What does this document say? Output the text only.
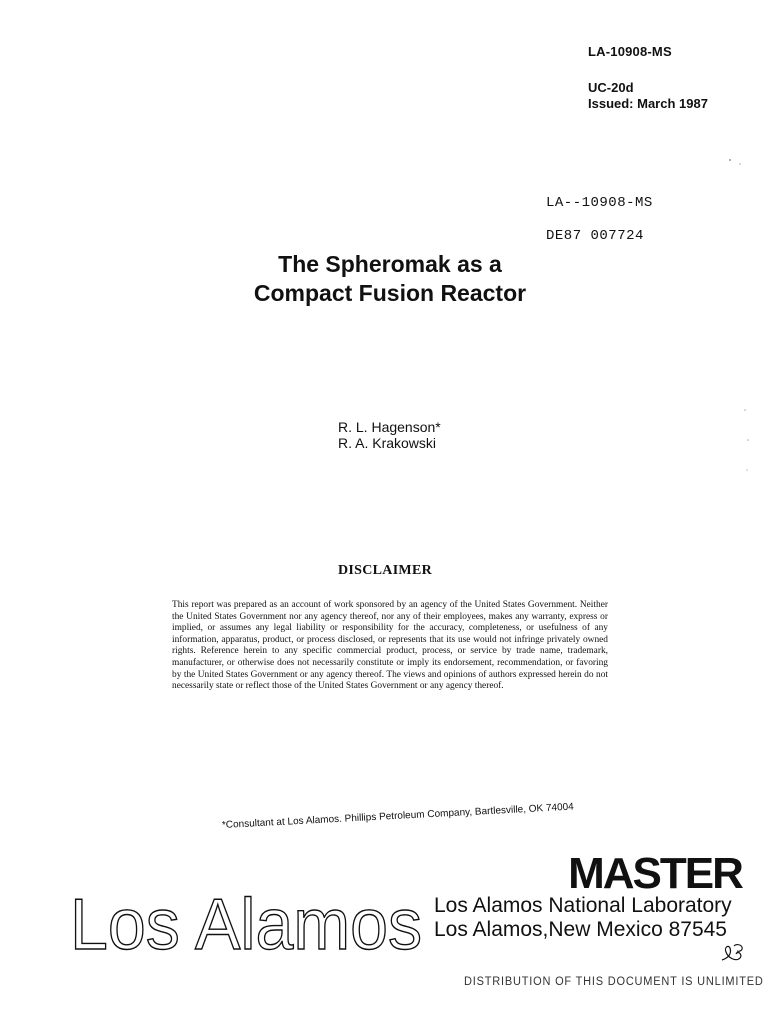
LA-10908-MS
UC-20d
Issued: March 1987
LA--10908-MS
DE87 007724
The Spheromak as a
Compact Fusion Reactor
R. L. Hagenson*
R. A. Krakowski
DISCLAIMER
This report was prepared as an account of work sponsored by an agency of the United States Government. Neither the United States Government nor any agency thereof, nor any of their employees, makes any warranty, express or implied, or assumes any legal liability or responsibility for the accuracy, completeness, or usefulness of any information, apparatus, product, or process disclosed, or represents that its use would not infringe privately owned rights. Reference herein to any specific commercial product, process, or service by trade name, trademark, manufacturer, or otherwise does not necessarily constitute or imply its endorsement, recommendation, or favoring by the United States Government or any agency thereof. The views and opinions of authors expressed herein do not necessarily state or reflect those of the United States Government or any agency thereof.
*Consultant at Los Alamos. Phillips Petroleum Company, Bartlesville, OK 74004
MASTER
Los Alamos Los Alamos National Laboratory
Los Alamos,New Mexico 87545
DISTRIBUTION OF THIS DOCUMENT IS UNLIMITED
